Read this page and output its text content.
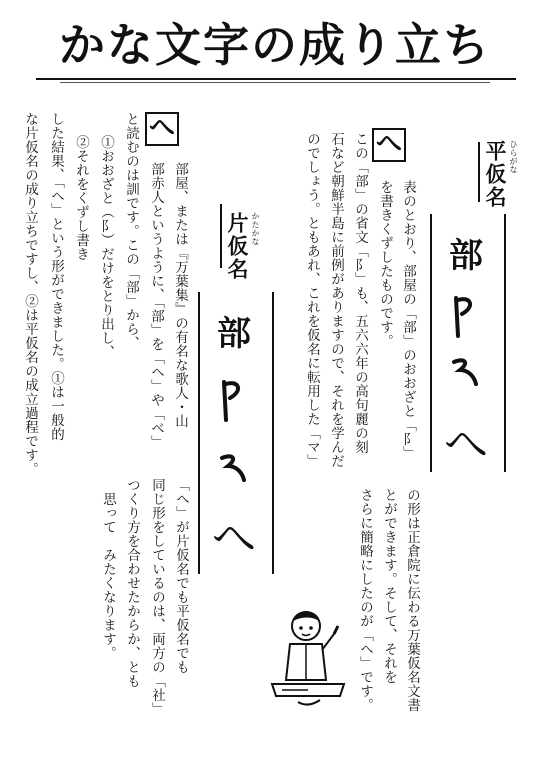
かな文字の成り立ち
平仮名 ひらがな
へ
表のとおり、部屋の「部」のおおざと「阝」
を書きくずしたものです。
この「部」の省文「阝」も、五六六年の高句麗の刻
石など朝鮮半島に前例がありますので、それを学んだ
のでしょう。ともあれ、これを仮名に転用した「マ」
の形は正倉院に伝わる万葉仮名文書
とができます。そして、それを
さらに簡略にしたのが「へ」です。
部
へ
片仮名 かたかな
へ
部屋、または『万葉集』の有名な歌人・山
部赤人というように、「部」を「へ」や「べ」
と読むのは訓です。この「部」から、
①おおざと（阝）だけをとり出し、
②それをくずし書き
した結果、「へ」という形ができました。①は一般的
な片仮名の成り立ちですし、②は平仮名の成立過程です。
「へ」が片仮名でも平仮名でも
同じ形をしているのは、両方の「社」
つくり方を合わせたからか、とも
思って　みたくなります。
部
へ
